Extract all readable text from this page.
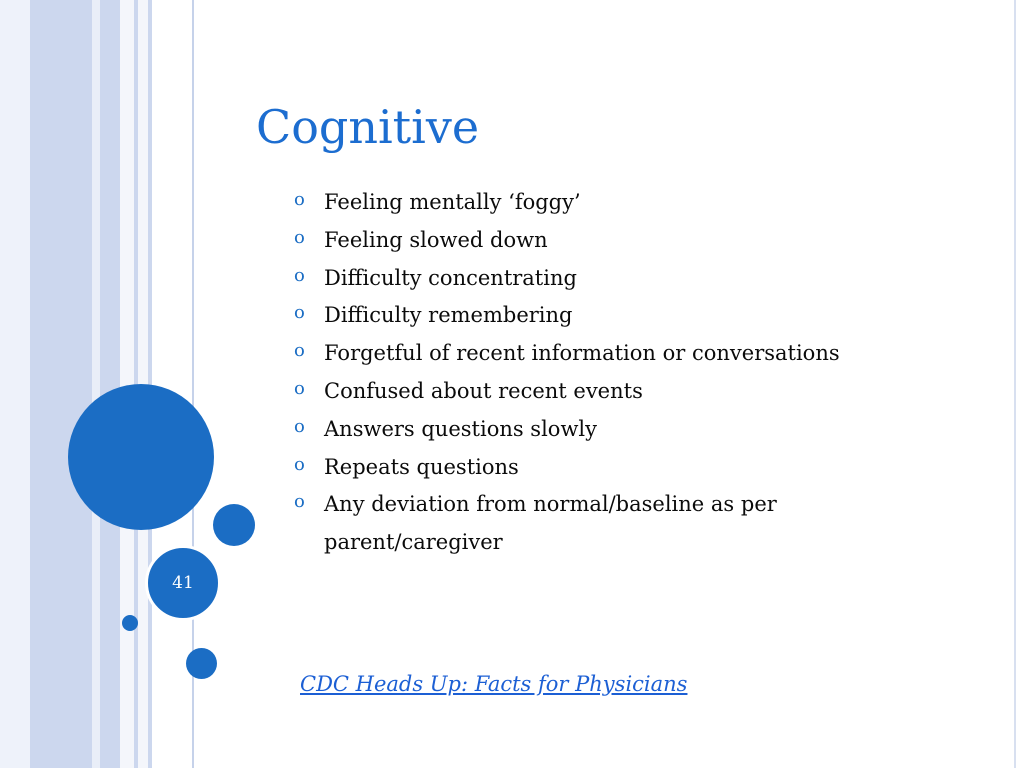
41
Cognitive
o Feeling mentally ‘foggy’
o Feeling slowed down
o Difficulty concentrating
o Difficulty remembering
o Forgetful of recent information or conversations
o Confused about recent events
o Answers questions slowly
o Repeats questions
o Any deviation from normal/baseline as per parent/caregiver
CDC Heads Up: Facts for Physicians
